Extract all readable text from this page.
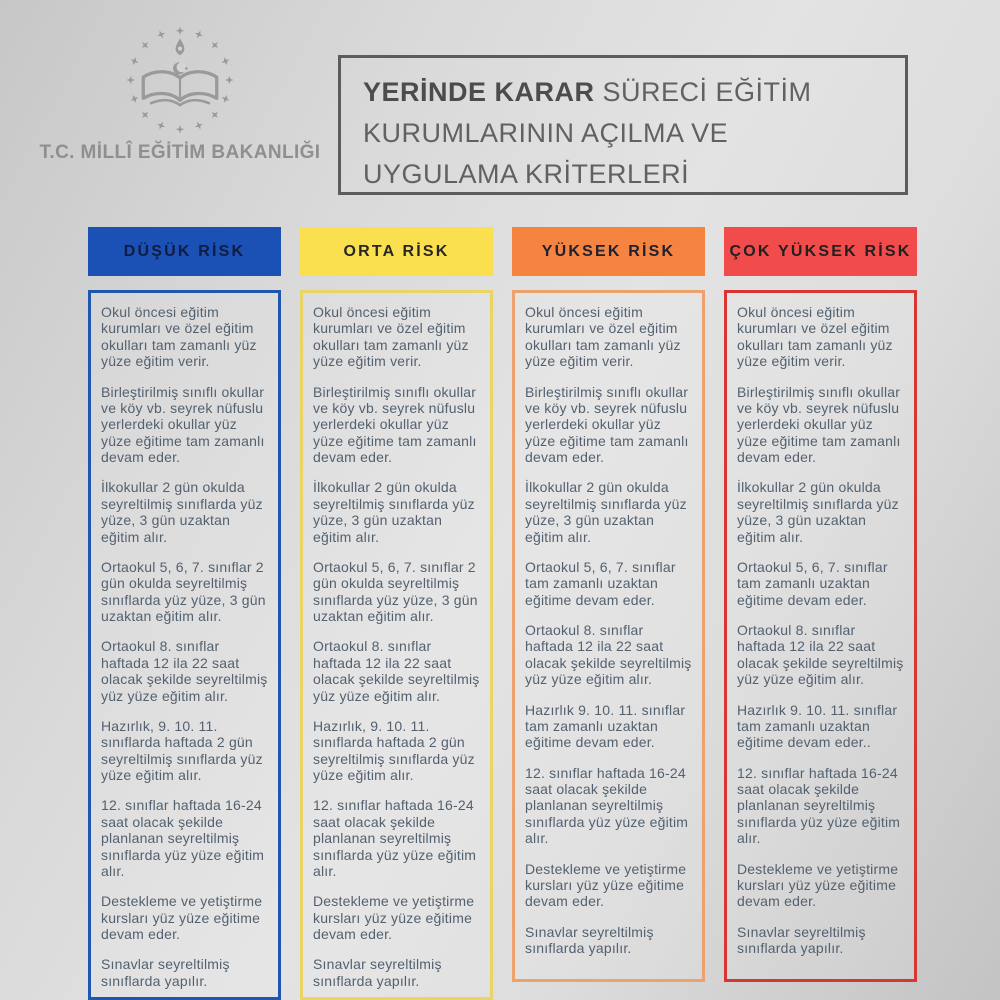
T.C. MİLLÎ EĞİTİM BAKANLIĞI
YERİNDE KARAR SÜRECİ EĞİTİM KURUMLARININ AÇILMA VE UYGULAMA KRİTERLERİ
DÜŞÜK RİSK

Okul öncesi eğitim kurumları ve özel eğitim okulları tam zamanlı yüz yüze eğitim verir.

Birleştirilmiş sınıflı okullar ve köy vb. seyrek nüfuslu yerlerdeki okullar yüz yüze eğitime tam zamanlı devam eder.

İlkokullar 2 gün okulda seyreltilmiş sınıflarda yüz yüze, 3 gün uzaktan eğitim alır.

Ortaokul 5, 6, 7. sınıflar 2 gün okulda seyreltilmiş sınıflarda yüz yüze, 3 gün uzaktan eğitim alır.

Ortaokul 8. sınıflar haftada 12 ila 22 saat olacak şekilde seyreltilmiş yüz yüze eğitim alır.

Hazırlık, 9. 10. 11. sınıflarda haftada 2 gün seyreltilmiş sınıflarda yüz yüze eğitim alır.

12. sınıflar haftada 16-24 saat olacak şekilde planlanan seyreltilmiş sınıflarda yüz yüze eğitim alır.

Destekleme ve yetiştirme kursları yüz yüze eğitime devam eder.

Sınavlar seyreltilmiş sınıflarda yapılır.

ORTA RİSK

Okul öncesi eğitim kurumları ve özel eğitim okulları tam zamanlı yüz yüze eğitim verir.

Birleştirilmiş sınıflı okullar ve köy vb. seyrek nüfuslu yerlerdeki okullar yüz yüze eğitime tam zamanlı devam eder.

İlkokullar 2 gün okulda seyreltilmiş sınıflarda yüz yüze, 3 gün uzaktan eğitim alır.

Ortaokul 5, 6, 7. sınıflar 2 gün okulda seyreltilmiş sınıflarda yüz yüze, 3 gün uzaktan eğitim alır.

Ortaokul 8. sınıflar haftada 12 ila 22 saat olacak şekilde seyreltilmiş yüz yüze eğitim alır.

Hazırlık, 9. 10. 11. sınıflarda haftada 2 gün seyreltilmiş sınıflarda yüz yüze eğitim alır.

12. sınıflar haftada 16-24 saat olacak şekilde planlanan seyreltilmiş sınıflarda yüz yüze eğitim alır.

Destekleme ve yetiştirme kursları yüz yüze eğitime devam eder.

Sınavlar seyreltilmiş sınıflarda yapılır.

YÜKSEK RİSK

Okul öncesi eğitim kurumları ve özel eğitim okulları tam zamanlı yüz yüze eğitim verir.

Birleştirilmiş sınıflı okullar ve köy vb. seyrek nüfuslu yerlerdeki okullar yüz yüze eğitime tam zamanlı devam eder.

İlkokullar 2 gün okulda seyreltilmiş sınıflarda yüz yüze, 3 gün uzaktan eğitim alır.

Ortaokul 5, 6, 7. sınıflar tam zamanlı uzaktan eğitime devam eder.

Ortaokul 8. sınıflar haftada 12 ila 22 saat olacak şekilde seyreltilmiş yüz yüze eğitim alır.

Hazırlık 9. 10. 11. sınıflar tam zamanlı uzaktan eğitime devam eder.

12. sınıflar haftada 16-24 saat olacak şekilde planlanan seyreltilmiş sınıflarda yüz yüze eğitim alır.

Destekleme ve yetiştirme kursları yüz yüze eğitime devam eder.

Sınavlar seyreltilmiş sınıflarda yapılır.

ÇOK YÜKSEK RİSK

Okul öncesi eğitim kurumları ve özel eğitim okulları tam zamanlı yüz yüze eğitim verir.

Birleştirilmiş sınıflı okullar ve köy vb. seyrek nüfuslu yerlerdeki okullar yüz yüze eğitime tam zamanlı devam eder.

İlkokullar 2 gün okulda seyreltilmiş sınıflarda yüz yüze, 3 gün uzaktan eğitim alır.

Ortaokul 5, 6, 7. sınıflar tam zamanlı uzaktan eğitime devam eder.

Ortaokul 8. sınıflar haftada 12 ila 22 saat olacak şekilde seyreltilmiş yüz yüze eğitim alır.

Hazırlık 9. 10. 11. sınıflar tam zamanlı uzaktan eğitime devam eder..

12. sınıflar haftada 16-24 saat olacak şekilde planlanan seyreltilmiş sınıflarda yüz yüze eğitim alır.

Destekleme ve yetiştirme kursları yüz yüze eğitime devam eder.

Sınavlar seyreltilmiş sınıflarda yapılır.
